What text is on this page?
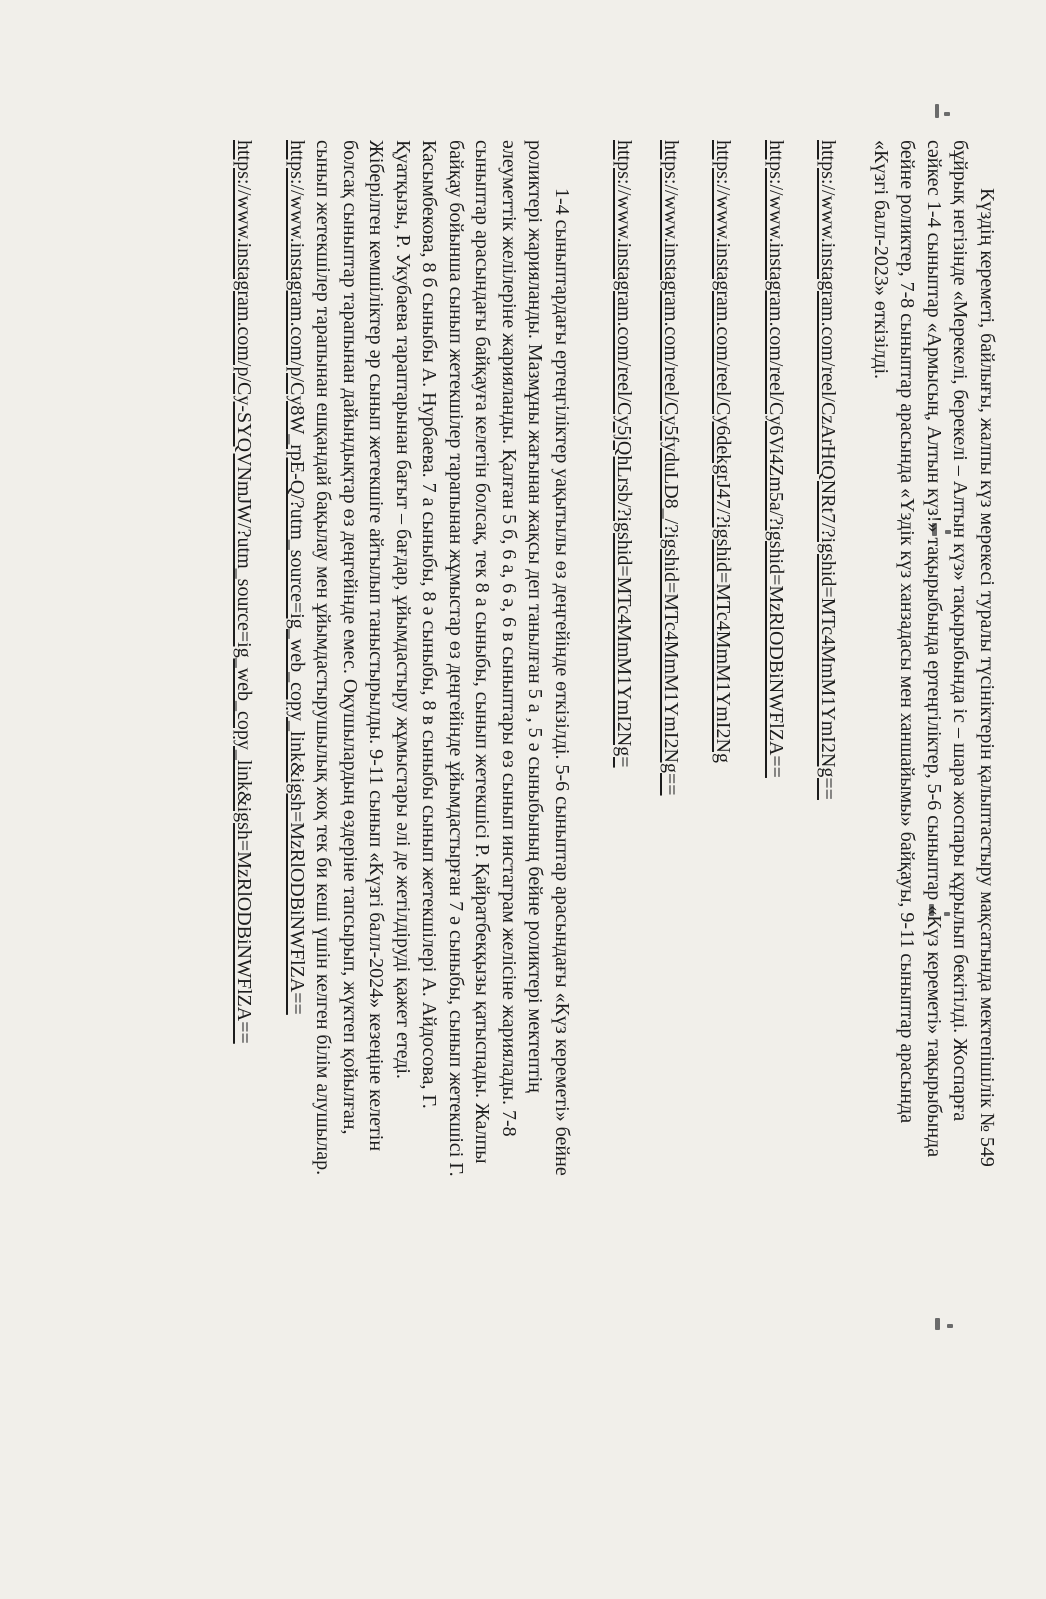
Күздің кереметі, байлығы, жалпы күз мерекесі туралы түсініктерін қалыптастыру мақсатында мектепішілік № 549

бұйрық негізінде «Мерекелі, берекелі – Алтын күз» тақырыбында іс – шара жоспары құрылып бекітілді. Жоспарға

сәйкес 1-4 сыныптар «Армысың, Алтын күз!» тақырыбында ертеңгіліктер, 5-6 сыныптар «Күз кереметі» тақырыбында

бейне роликтер, 7-8 сыныптар арасында «Үздік күз ханзадасы мен ханшайымы» байқауы, 9-11 сыныптар арасында

«Күзгі балл-2023» өткізілді.

https://www.instagram.com/reel/CzArHtQNRt7/?igshid=MTc4MmM1YmI2Ng==

https://www.instagram.com/reel/Cy6Vi4Zm5a/?igshid=MzRlODBiNWFlZA==

https://www.instagram.com/reel/Cy6dekgrJ47/?igshid=MTc4MmM1YmI2Ng

https://www.instagram.com/reel/Cy5fyduLD8_/?igshid=MTc4MmM1YmI2Ng==

https://www.instagram.com/reel/Cy5jQhLrsb/?igshid=MTc4MmM1YmI2Ng=

1-4 сыныптардағы ертеңгіліктер уақытылы өз деңгейінде өткізілді. 5-6 сыныптар арасындағы «Күз кереметі» бейне

роликтері жарияланды. Мазмұны жағынан жақсы деп танылған 5 а , 5 ә сыныбының бейне роликтері мектептің

әлеуметтік желілеріне жарияланды. Қалған 5 б, 6 а, 6 ә, 6 в сыныптары өз сынып инстаграм желісіне жариялады. 7-8

сыныптар арасындағы байқауға келетін болсақ, тек 8 а сыныбы, сынып жетекшісі Р. Қайратбекқызы қатыспады. Жалпы

байқау бойынша сынып жетекшілер тарапынан жұмыстар өз деңгейінде ұйымдастырған 7 ә сыныбы, сынып жетекшісі Г.

Касымбекова, 8 б сыныбы А. Нурбаева. 7 а сыныбы, 8 ә сыныбы, 8 в сыныбы сынып жетекшілері А. Айдосова, Г.

Қуатқызы, Р. Укубаева тараптарынан бағыт – бағдар, ұйымдастыру жұмыстары әлі де жетілдіруді қажет етеді.

Жіберілген кемшіліктер әр сынып жетекшіге айтылып таныстырылды. 9-11 сынып «Күзгі балл-2024» кезеңіне келетін

болсақ сыныптар тарапынан дайындықтар өз деңгейінде емес. Оқушылардың өздеріне тапсырып, жүктеп қойылған,

сынып жетекшілер тарапынан ешқандай бақылау мен ұйымдастырушылық жоқ тек би кеші үшін келген білім алушылар.

https://www.instagram.com/p/Cy8W_rpE-Q/?utm_source=ig_web_copy_link&igsh=MzRlODBiNWFlZA==

https://www.instagram.com/p/Cy-SYQVNmJW/?utm_source=ig_web_copy_link&igsh=MzRlODBiNWFlZA==
